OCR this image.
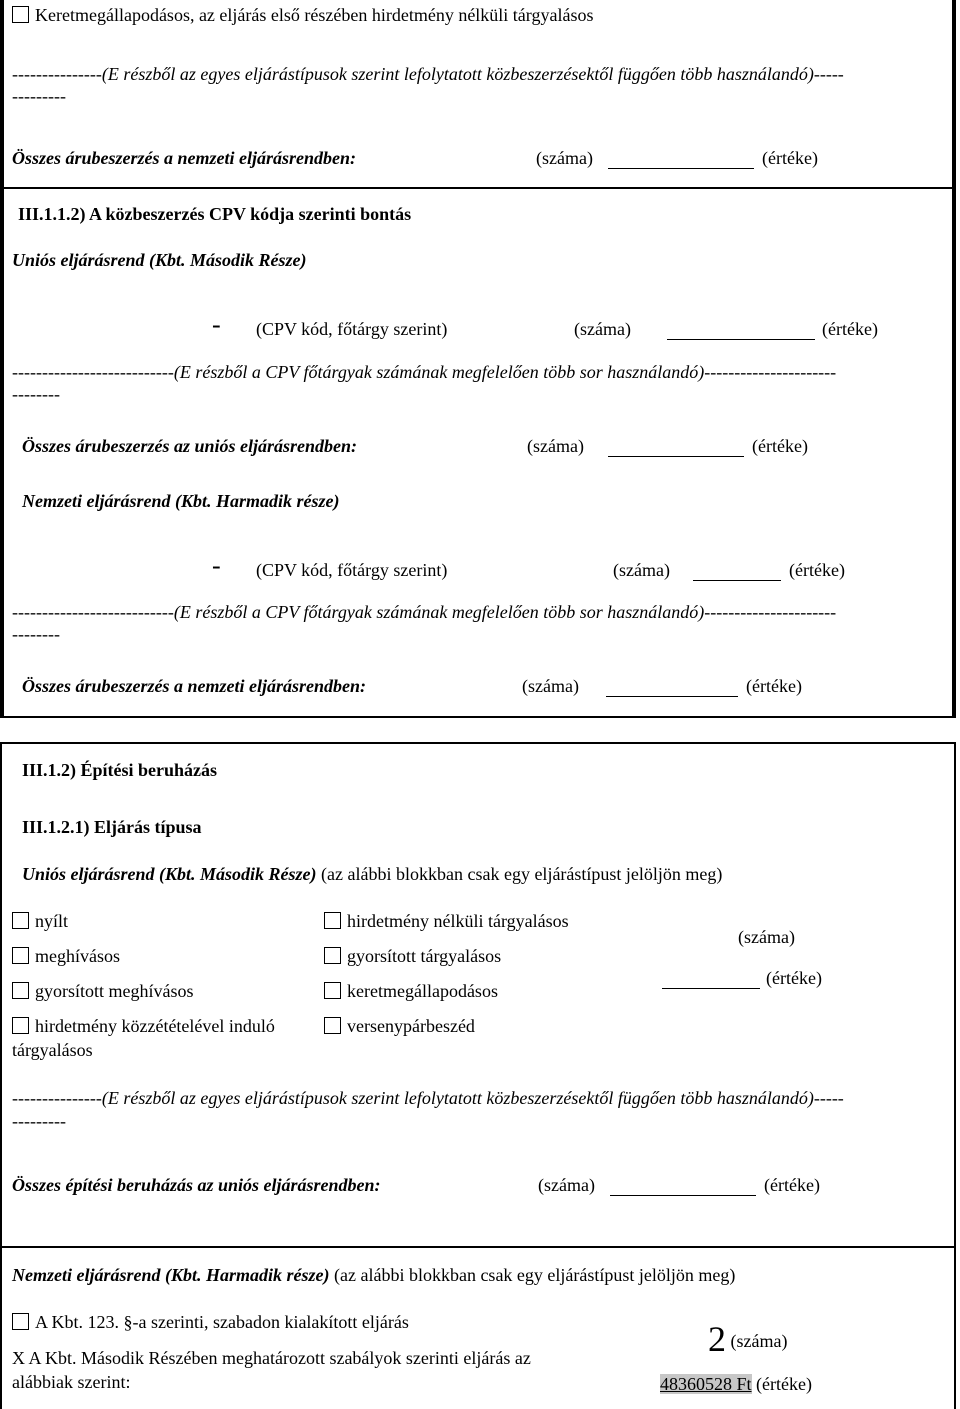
Keretmegállapodásos, az eljárás első részében hirdetmény nélküli tárgyalásos
---------------(E részből az egyes eljárástípusok szerint lefolytatott közbeszerzésektől függően több használandó)-----
---------
Összes árubeszerzés a nemzeti eljárásrendben:	(száma)	(értéke)
III.1.1.2) A közbeszerzés CPV kódja szerinti bontás
Uniós eljárásrend (Kbt. Második Része)
- (CPV kód, főtárgy szerint)	(száma)	(értéke)
---------------------------(E részből a CPV főtárgyak számának megfelelően több sor használandó)----------------------
--------
Összes árubeszerzés az uniós eljárásrendben:	(száma)	(értéke)
Nemzeti eljárásrend (Kbt. Harmadik része)
- (CPV kód, főtárgy szerint)	(száma)	(értéke)
---------------------------(E részből a CPV főtárgyak számának megfelelően több sor használandó)----------------------
--------
Összes árubeszerzés a nemzeti eljárásrendben:	(száma)	(értéke)
III.1.2) Építési beruházás
III.1.2.1) Eljárás típusa
Uniós eljárásrend (Kbt. Második Része) (az alábbi blokkban csak egy eljárástípust jelöljön meg)
nyílt
meghívásos
gyorsított meghívásos
hirdetmény közzétételével induló
tárgyalásos
hirdetmény nélküli tárgyalásos
gyorsított tárgyalásos
keretmegállapodásos
versenypárbeszéd
(száma)
(értéke)
---------------(E részből az egyes eljárástípusok szerint lefolytatott közbeszerzésektől függően több használandó)-----
---------
Összes építési beruházás az uniós eljárásrendben:	(száma)	(értéke)
Nemzeti eljárásrend (Kbt. Harmadik része) (az alábbi blokkban csak egy eljárástípust jelöljön meg)
A Kbt. 123. §-a szerinti, szabadon kialakított eljárás
X A Kbt. Második Részében meghatározott szabályok szerinti eljárás az
alábbiak szerint:
2 (száma)
48360528 Ft (értéke)
